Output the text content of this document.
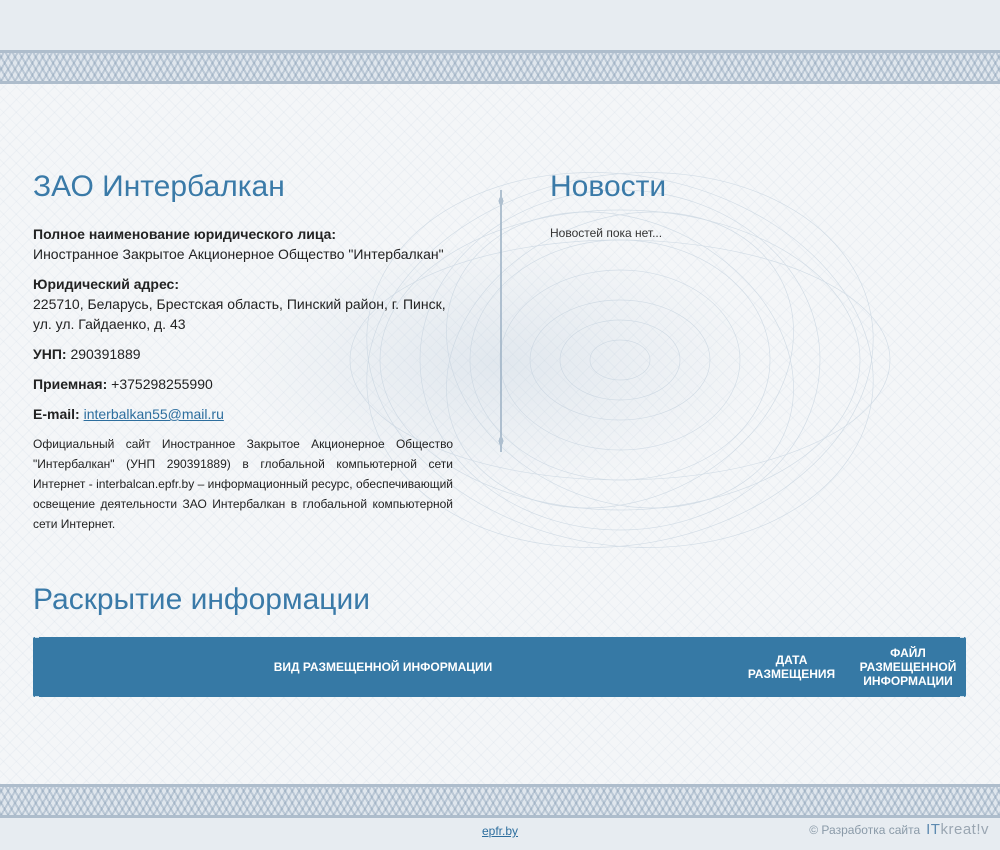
ЗАО Интербалкан
Полное наименование юридического лица:
Иностранное Закрытое Акционерное Общество "Интербалкан"
Юридический адрес:
225710, Беларусь, Брестская область, Пинский район, г. Пинск, ул. ул. Гайдаенко, д. 43
УНП: 290391889
Приемная: +375298255990
E-mail: interbalkan55@mail.ru
Официальный сайт Иностранное Закрытое Акционерное Общество "Интербалкан" (УНП 290391889) в глобальной компьютерной сети Интернет - interbalcan.epfr.by – информационный ресурс, обеспечивающий освещение деятельности ЗАО Интербалкан в глобальной компьютерной сети Интернет.
Новости
Новостей пока нет...
Раскрытие информации
ВИД РАЗМЕЩЕННОЙ ИНФОРМАЦИИ	ДАТА РАЗМЕЩЕНИЯ
ФАЙЛ РАЗМЕЩЕННОЙ ИНФОРМАЦИИ
epfr.by	© Разработка сайта ITkreat!v
